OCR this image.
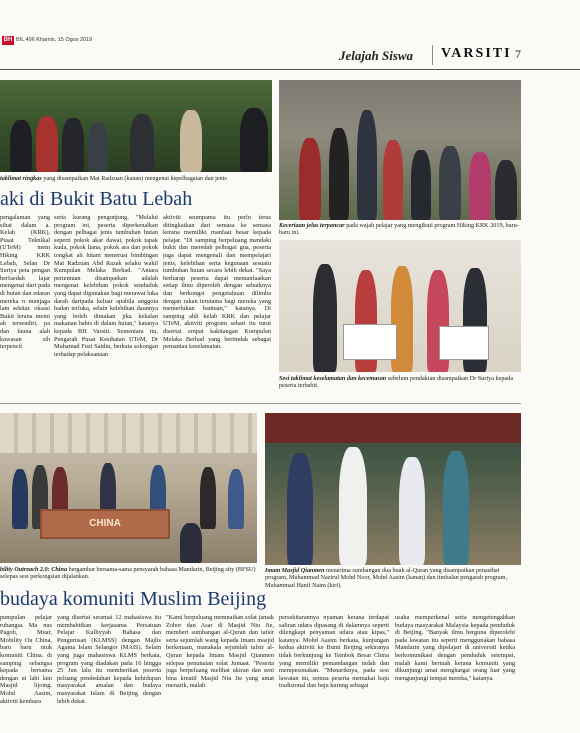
BH BIL 496 Khamis, 15 Ogos 2019
Jelajah Siswa VARSITI 7
taklimat ringkas yang disampaikan Mat Radzuan (kanan) mengenai kepelbagaian dan jenis
Keceriaan jelas terpancar pada wajah pelajar yang mengikuti program Hiking KRK 2019, baru-baru ini.
aki di Bukit Batu Lebah
pengalaman yang sihat dalam a. Kelab (KRK), Pusat Teknikal (UTeM) mem Hiking KRK Lebah, Selan Dr Suriya peta pengan berfaedah lajar mengenai dari pada di hutan dan edaran mereka n menjaga lam sekitar. oksasi Bukit lerana memi ah tersendiri, pa dan fauna alah kawasan sih terpencil
serta kurang pengunjung. "Melalui program ini, peserta diperkenalkan dengan pelbagai jenis tumbuhan hutan seperti pokok akar dawai, pokok tapak kuda, pokok liana, pokok ara dan pokok tongkat ali hitam menerusi bimbingan Mat Radzuan Abd Razak selaku wakil Kumpulan Melaka Berhad. "Antara pertemuan disampaikan adalah mengenai kelebihan pokok senduduk yang dapat digunakan bagi merawat luka darah daripada keluar apabila anggota badan terluka, selain kelebihan daunnya yang boleh dimakan jika kekalan makanan habis di dalam hutan," katanya kepada BH Varsiti. Sementara itu, Pengarah Pusat Kesihatan UTeM, Dr Muhamad Fuzi Saidin, berkata sokongan terhadap pelaksanaan
aktiviti seumpama itu perlu terus ditingkatkan dari semasa ke semasa kerana memiliki manfaat besar kepada pelajar. "Di samping berpeluang mendaki bukit dan meredah pelbagai gua, peserta juga dapat mengenali dan mempelajari jenis, kelebihan serta kegunaan sesuatu tumbuhan hutan secara lebih dekat. "Saya berharap peserta dapat memanfaatkan setiap ilmu diperoleh dengan sebaiknya dan berkongsi pengetahuan dilimba dengan rakan terutama bagi mereka yang memerlukan bantuan," katanya. Di samping ahli kelab KRK dan pelajar UTeM, aktiviti program sehari itu turut disertai empat kakitangan Kumpulan Melaka Berhad yang bertindak sebagai pemantau keselamatan.
Sesi taklimat keselamatan dan kecemasan sebelum pendakian disampaikan Dr Suriya kepada peserta terbabit.
CHINA
bility Outreach 2.0: China bergambar bersama-sama pensyarah bahasa Mandarin, Beijing sity (BFSU) selepas sesi perkongsian dijalankan.
Imam Masjid Qianmen menerima sumbangan dua buah al-Quran yang disampaikan penasihat program, Muhammad Nazirul Mohd Noor, Mohd Aasim (kanan) dan timbalan pengarah program, Muhammad Hanif Naim (kiri).
budaya komuniti Muslim Beijing
pumpulan pelajar rubangsa Ma nus Pagoh, Muar, Mobility Ou China, baru baru ntuk komuniti China. di samping sebangsa kepada bersama dengan ui lahi lain Masjid lijoing. Mohd Aasim, aktiviti kembara
yang disertai seramai 12 mahasiswa itu membabitkan kerjasama Persatuan Pelajar Kulliyyah Bahasa dan Pengurusan (KLMSS) dengan Majlis Agama Islam Selangor (MAIS). Selain yang juga mahasiswa KLMS berkata, program yang diadakan pada 16 hingga 25 Jun lalu itu memberikan peserta peluang pendedahan kepada kehidupan masyarakat amalan dan budaya masyarakat Islam di Beijing dengan lebih dekat.
"Kami berpeluang memnaikan solat jamak Zohor dan Asar di Masjid Niu Jie, memberi sumbangan al-Quran dan tafsir serta sejumlah wang kepada imam masjid berkenaan, manakala sejumlah tafsir al-Quran kepada Imam Masjid Qianmen selepas penunaian solat Jumaat. "Peserta juga berpeluang melihat ukiran dan seni bina kreatif Masjid Niu Jie yang amat menarik, malah
persekitarannya nyaman kerana terdapat saliran udara dipasang di dalamnya seperti dilengkapi penyaman udara atau kipas," katanya. Mohd Aasim berkata, kunjungan kedua aktiviti ke Bumi Beijing sekiranya tidak berkunjung ke Tembok Besar China yang memiliki pemandangan indah dan mempesonakan. "Menariknya, pada sesi lawatan itu, semua peserta memakai baju tradisional dan baju kurung sebagai
usaha memperkenal serta mengetengahkan budaya masyarakat Malaysia kepada penduduk di Beijing. "Banyak ilmu berguna diperolehi pada lawatan itu seperti menggunakan bahasa Mandarin yang dipelajari di universiti ketika berkomunikasi dengan penduduk setempat, malah kami bertuah kerana komuniti yang dikunjungi amat menghargai orang luar yang mengunjungi tempat mereka," katanya.
